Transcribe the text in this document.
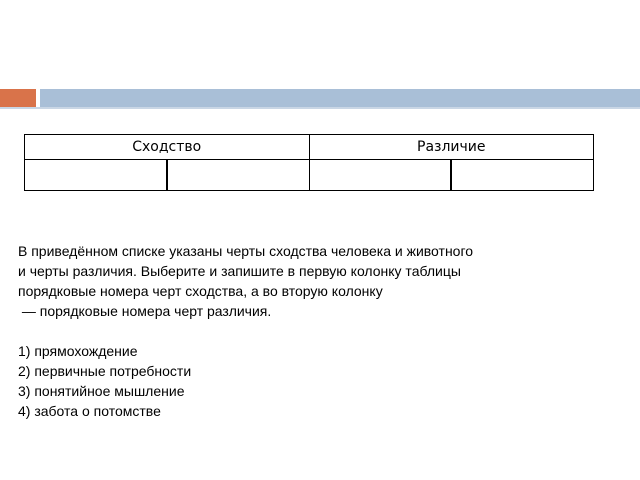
Сходство		Различие	

В приведённом списке указаны черты сходства человека и животного

и черты различия. Выберите и запишите в первую колонку таблицы

порядковые номера черт сходства, а во вторую колонку

— порядковые номера черт различия.

1) прямохождение
2) первичные потребности
3) понятийное мышление
4) забота о потомстве
